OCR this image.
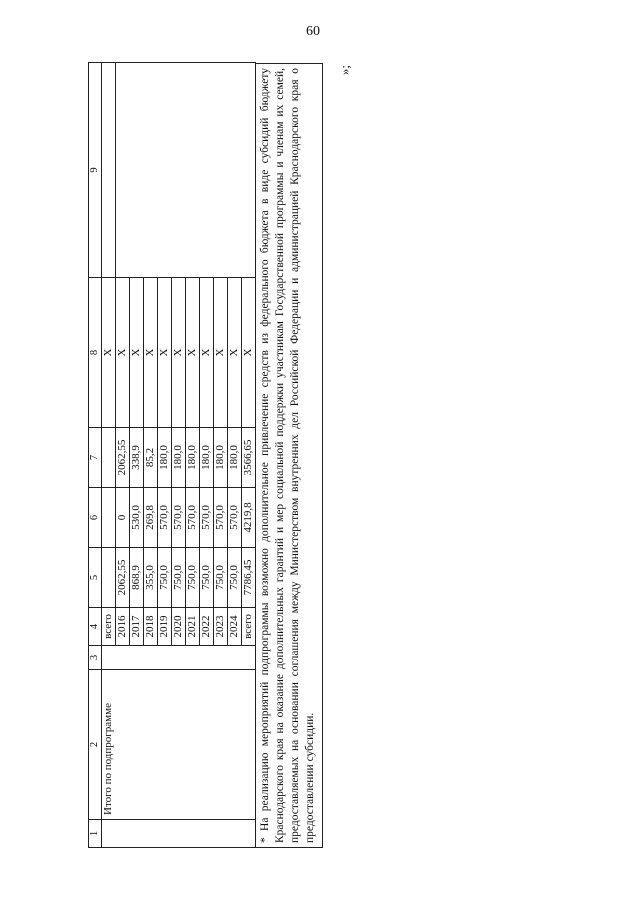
60
1	2	3	4	5	6	7	8	9
	Итого по подпрограмме		всего				Х	
			2016	2062,55	0	2062,55	Х	
			2017	868,9	530,0	338,9	Х	
			2018	355,0	269,8	85,2	Х	
			2019	750,0	570,0	180,0	Х	
			2020	750,0	570,0	180,0	Х	
			2021	750,0	570,0	180,0	Х	
			2022	750,0	570,0	180,0	Х	
			2023	750,0	570,0	180,0	Х	
			2024	750,0	570,0	180,0	Х	
			всего	7786,45	4219,8	3566,65	Х	* На реализацию мероприятий подпрограммы возможно дополнительное привлечение средств из федерального бюджета в виде субсидий бюджету Краснодарского края на оказание дополнительных гарантий и мер социальной поддержки участникам Государственной программы и членам их семей, предоставляемых на основании соглашения между Министерством внутренних дел Российской Федерации и администрацией Краснодарского края о предоставлении субсидии.
»;
